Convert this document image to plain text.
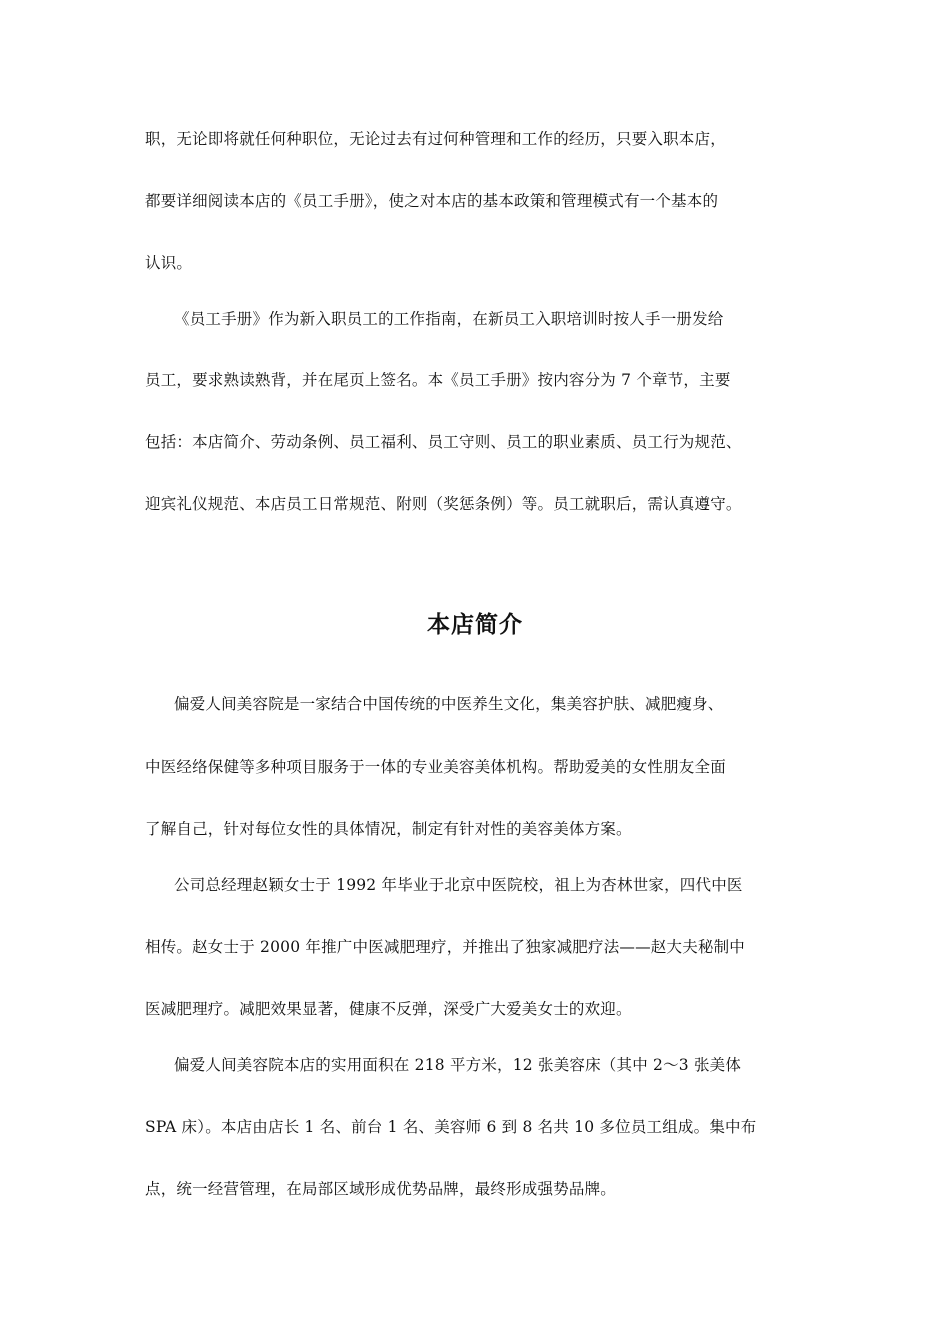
职，无论即将就任何种职位，无论过去有过何种管理和工作的经历，只要入职本店，
都要详细阅读本店的《员工手册》，使之对本店的基本政策和管理模式有一个基本的
认识。
《员工手册》作为新入职员工的工作指南，在新员工入职培训时按人手一册发给
员工，要求熟读熟背，并在尾页上签名。本《员工手册》按内容分为 7 个章节，主要
包括：本店简介、劳动条例、员工福利、员工守则、员工的职业素质、员工行为规范、
迎宾礼仪规范、本店员工日常规范、附则（奖惩条例）等。员工就职后，需认真遵守。
本店简介
偏爱人间美容院是一家结合中国传统的中医养生文化，集美容护肤、减肥瘦身、
中医经络保健等多种项目服务于一体的专业美容美体机构。帮助爱美的女性朋友全面
了解自己，针对每位女性的具体情况，制定有针对性的美容美体方案。
公司总经理赵颖女士于 1992 年毕业于北京中医院校，祖上为杏林世家，四代中医
相传。赵女士于 2000 年推广中医减肥理疗，并推出了独家减肥疗法——赵大夫秘制中
医减肥理疗。减肥效果显著，健康不反弹，深受广大爱美女士的欢迎。
偏爱人间美容院本店的实用面积在 218 平方米，12 张美容床（其中 2～3 张美体
SPA 床）。本店由店长 1 名、前台 1 名、美容师 6 到 8 名共 10 多位员工组成。集中布
点，统一经营管理，在局部区域形成优势品牌，最终形成强势品牌。
